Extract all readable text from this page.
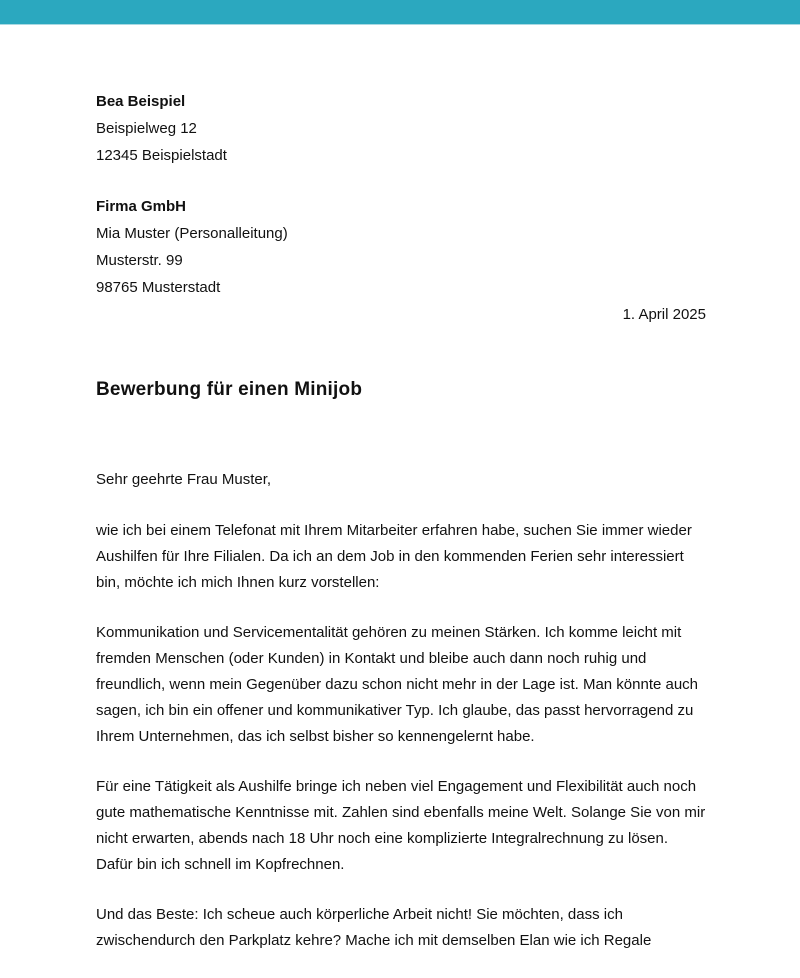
Bea Beispiel
Beispielweg 12
12345 Beispielstadt
Firma GmbH
Mia Muster (Personalleitung)
Musterstr. 99
98765 Musterstadt
1. April 2025
Bewerbung für einen Minijob

Sehr geehrte Frau Muster,

wie ich bei einem Telefonat mit Ihrem Mitarbeiter erfahren habe, suchen Sie immer wieder Aushilfen für Ihre Filialen. Da ich an dem Job in den kommenden Ferien sehr interessiert bin, möchte ich mich Ihnen kurz vorstellen:

Kommunikation und Servicementalität gehören zu meinen Stärken. Ich komme leicht mit fremden Menschen (oder Kunden) in Kontakt und bleibe auch dann noch ruhig und freundlich, wenn mein Gegenüber dazu schon nicht mehr in der Lage ist. Man könnte auch sagen, ich bin ein offener und kommunikativer Typ. Ich glaube, das passt hervorragend zu Ihrem Unternehmen, das ich selbst bisher so kennengelernt habe.

Für eine Tätigkeit als Aushilfe bringe ich neben viel Engagement und Flexibilität auch noch gute mathematische Kenntnisse mit. Zahlen sind ebenfalls meine Welt. Solange Sie von mir nicht erwarten, abends nach 18 Uhr noch eine komplizierte Integralrechnung zu lösen. Dafür bin ich schnell im Kopfrechnen.

Und das Beste: Ich scheue auch körperliche Arbeit nicht! Sie möchten, dass ich zwischendurch den Parkplatz kehre? Mache ich mit demselben Elan wie ich Regale
